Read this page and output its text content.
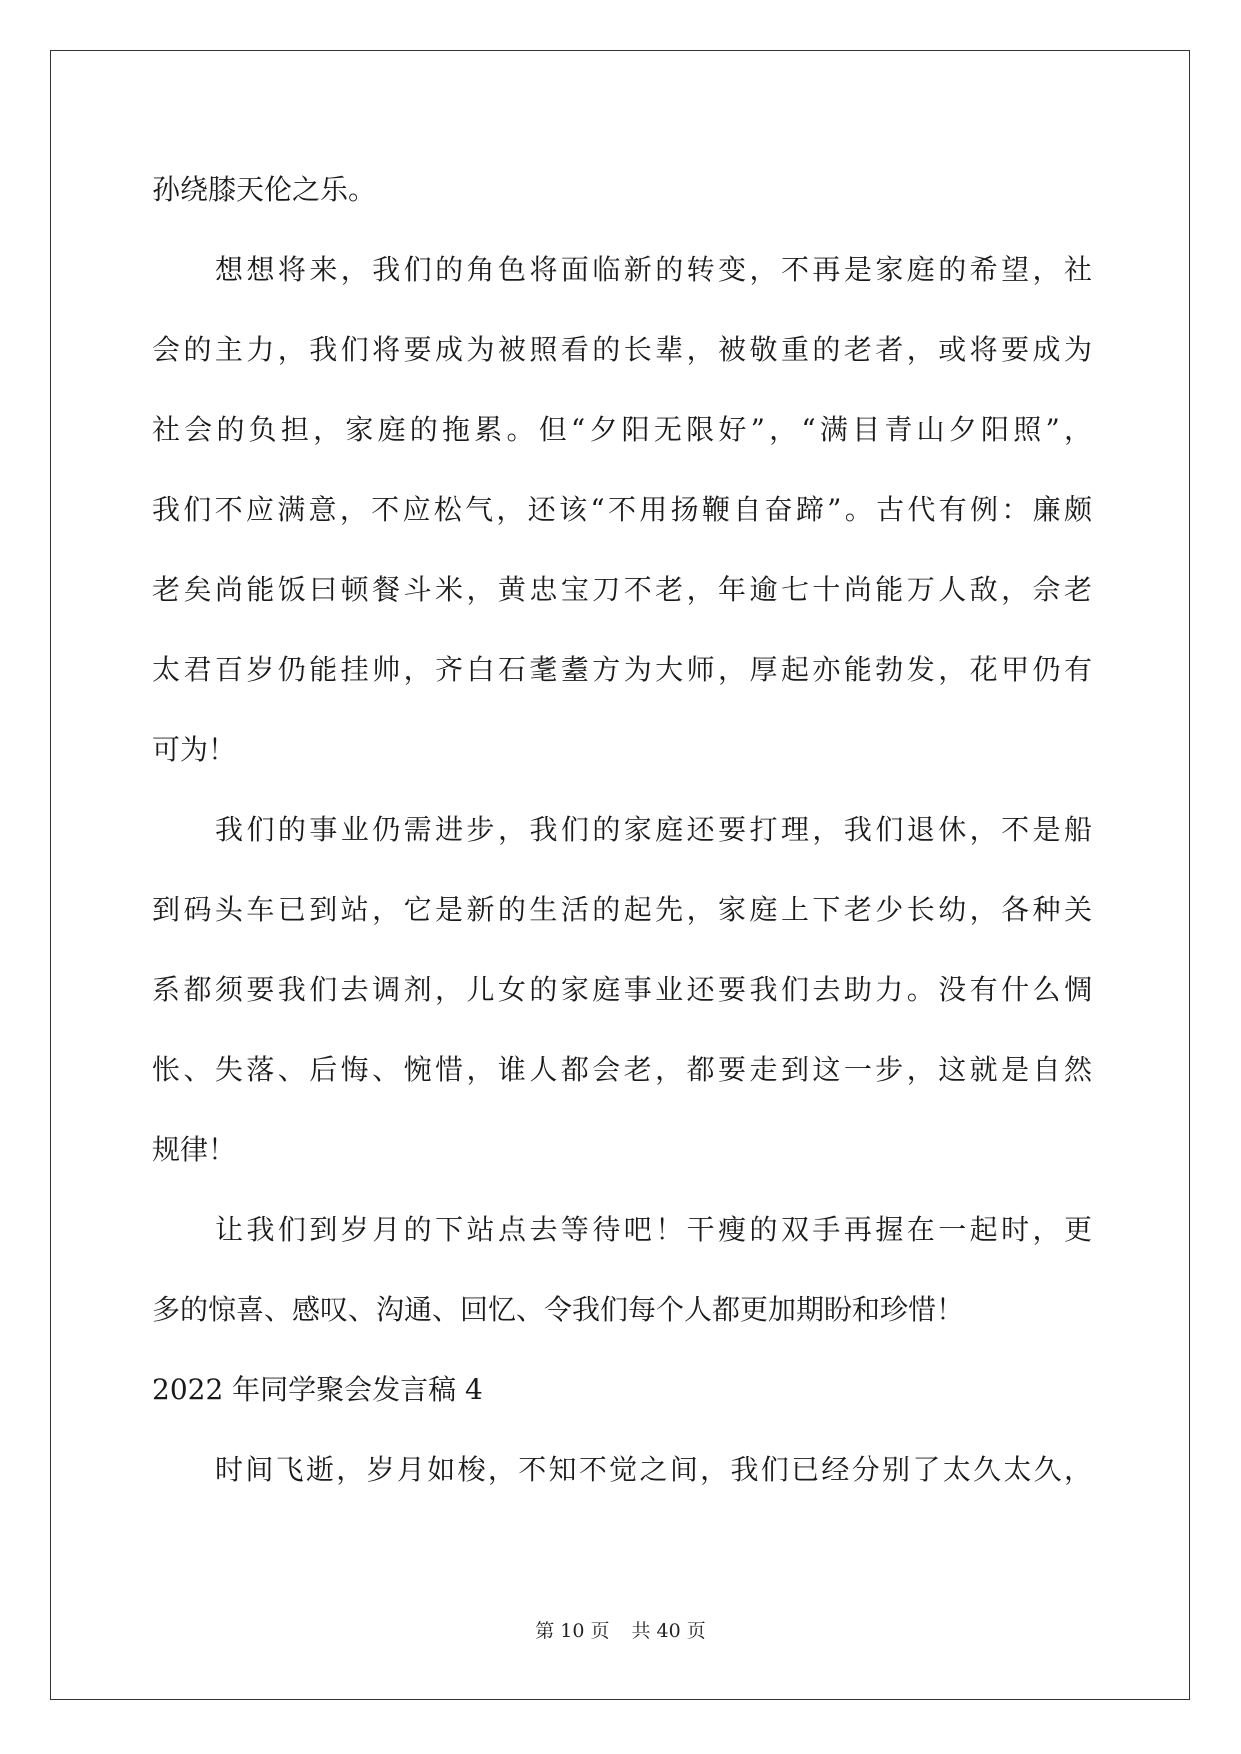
孙绕膝天伦之乐。
想想将来，我们的角色将面临新的转变，不再是家庭的希望，社
会的主力，我们将要成为被照看的长辈，被敬重的老者，或将要成为
社会的负担，家庭的拖累。但“夕阳无限好”，“满目青山夕阳照”，
我们不应满意，不应松气，还该“不用扬鞭自奋蹄”。古代有例：廉颇
老矣尚能饭曰顿餐斗米，黄忠宝刀不老，年逾七十尚能万人敌，佘老
太君百岁仍能挂帅，齐白石耄耋方为大师，厚起亦能勃发，花甲仍有
可为！
我们的事业仍需进步，我们的家庭还要打理，我们退休，不是船
到码头车已到站，它是新的生活的起先，家庭上下老少长幼，各种关
系都须要我们去调剂，儿女的家庭事业还要我们去助力。没有什么惆
怅、失落、后悔、惋惜，谁人都会老，都要走到这一步，这就是自然
规律！
让我们到岁月的下站点去等待吧！干瘦的双手再握在一起时，更
多的惊喜、感叹、沟通、回忆、令我们每个人都更加期盼和珍惜！
2022 年同学聚会发言稿 4
时间飞逝，岁月如梭，不知不觉之间，我们已经分别了太久太久，
第 10 页 共 40 页
